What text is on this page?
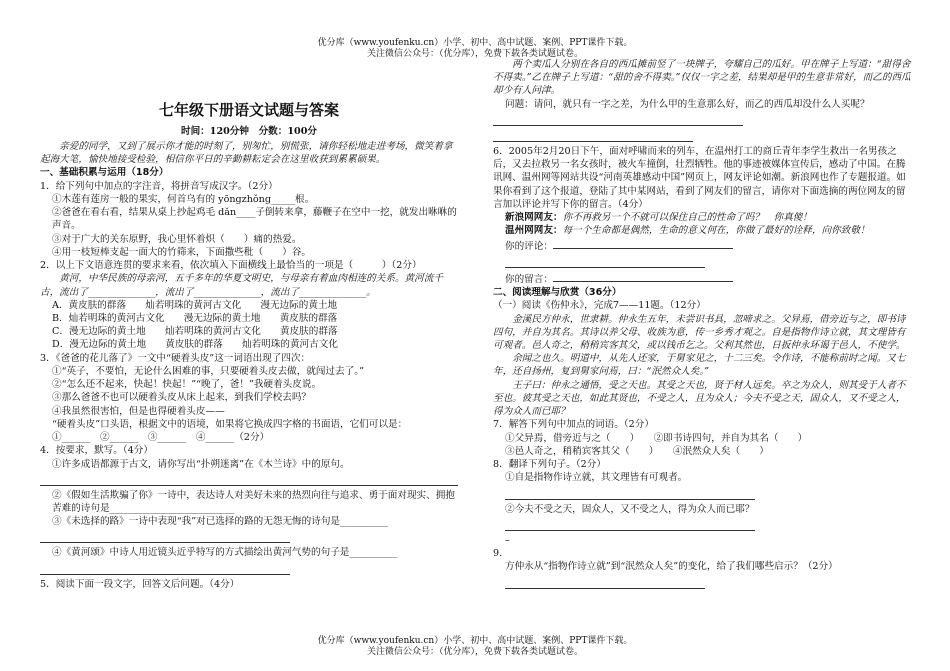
优分库（www.youfenku.cn）小学、初中、高中试题、案例、PPT课件下载。
关注微信公众号：（优分库），免费下载各类试题试卷。
七年级下册语文试题与答案
时间：120分钟　分数：100分

亲爱的同学，又到了展示你才能的时刻了，别匆忙，别慌张，请你轻松地走进考场，微笑着拿起海大笔，愉快地接受检验，相信你平日的辛勤耕耘定会在这里收获到累累硕果。

一、基础积累与运用（18分）

1．给下列句中加点的字注音，将拼音写成汉字。（2分）

①木莲有莲房一般的果实，何首乌有的 yōngzhǒng_____根。

②爸爸在看右看，结果从桌上抄起鸡毛 dǎn____子倒转来拿，藤鞭子在空中一挖，就发出咻咻的声音。

③对于广大的关东原野，我心里怀着炽（　　）痛的热爱。

④用一枝短棒支起一面大的竹筛来，下面撒些秕（　　）谷。

2．以上下文语意连贯的要求来看，依次填入下面横线上最恰当的一项是（　　　）（2分）

黄河，中华民族的母亲河，五千多年的华夏文明史，与母亲有着血肉相连的关系。黄河流千古，流出了______________，流出了______________，流出了______________。

A．黄皮肤的群落　　灿若明珠的黄河古文化　　漫无边际的黄土地

B．灿若明珠的黄河古文化　　漫无边际的黄土地　　黄皮肤的群落

C．漫无边际的黄土地　　灿若明珠的黄河古文化　　黄皮肤的群落

D．漫无边际的黄土地　　黄皮肤的群落　　灿若明珠的黄河古文化

3．《爸爸的花儿落了》一文中“硬着头皮”这一词语出现了四次：

①“英子，不要怕，无论什么困难的事，只要硬着头皮去做，就闯过去了。”

②“怎么还不起来，快起！快起！”“晚了，爸！”我硬着头皮说。

③那么爸爸不也可以硬着头皮从床上起来，到我们学校去吗？

④我虽然很害怕，但是也得硬着头皮——

“硬着头皮”口头语，根据文中的语境，如果将它换成四字格的书面语，它们可以是：

①______　②______　③______　④______（2分）

4．按要求，默写。（4分）

①许多成语都源于古文，请你写出“扑朔迷离”在《木兰诗》中的原句。

②《假如生活欺骗了你》一诗中，表达诗人对美好未来的热烈向往与追求、勇于面对现实、拥抱苦难的诗句是__________________________

③《未选择的路》一诗中表现“我”对已选择的路的无怨无悔的诗句是__________

④《黄河颂》中诗人用近镜头近乎特写的方式描绘出黄河气势的句子是__________

5．阅读下面一段文字，回答文后问题。（4分）

两个卖瓜人分别在各自的西瓜摊前竖了一块牌子，夸耀自己的瓜好。甲在牌子上写道：“甜得舍不得卖。”乙在牌子上写道：“甜的舍不得卖。”仅仅一字之差，结果却是甲的生意非常好，而乙的西瓜却少有人问津。

问题：请问，就只有一字之差，为什么甲的生意那么好，而乙的西瓜却没什么人买呢？

6．2005年2月20日下午，面对呼啸而来的列车，在温州打工的商丘青年李学生救出一名男孩之后，又去拉救另一名女孩时，被火车撞倒，壮烈牺牲。他的事迹被媒体宣传后，感动了中国。在腾讯网、温州网等网站共设“河南英雄感动中国”网页上，网友评论如潮。新浪网也作了专题报道。如果你看到了这个报道，登陆了其中某网站，看到了网友们的留言，请你对下面选摘的两位网友的留言加以评论并写下你的留言。（4分）

新浪网网友：你不再救另一个不就可以保住自己的性命了吗？　你真傻！

温州网网友：每一个生命都是偶然，生命的意义何在，你做了最好的诠释，向你致敬！

你的评论：

你的留言：

二、阅读理解与欣赏（36分）

（一）阅读《伤仲永》，完成7——11题。（12分）

金溪民方仲永，世隶耕。仲永生五年，未尝识书具，忽啼求之。父异焉，借旁近与之，即书诗四句，并自为其名。其诗以养父母、收族为意，传一乡秀才观之。自是指物作诗立就，其文理皆有可观者。邑人奇之，稍稍宾客其父，或以钱币乞之。父利其然也，日扳仲永环谒于邑人，不使学。

余闻之也久。明道中，从先人还家，于舅家见之，十二三矣。令作诗，不能称前时之闻。又七年，还自扬州，复到舅家问焉，曰：“泯然众人矣。”

王子曰：仲永之通悟，受之天也。其受之天也，贤于材人远矣。卒之为众人，则其受于人者不至也。彼其受之天也，如此其贤也，不受之人，且为众人；今夫不受之天，固众人，又不受之人，得为众人而已耶？

7．解答下列句中加点的词语。（2分）

①父异焉，借旁近与之（　　）　　②即书诗四句，并自为其名（　　）

③邑人奇之，稍稍宾客其父（　　）　　④泯然众人矣（　　）

8．翻译下列句子。（2分）

①自是指物作诗立就，其文理皆有可观者。

②今夫不受之天，固众人，又不受之人，得为众人而已耶？

–

9.

方仲永从“指物作诗立就”到“泯然众人矣”的变化，给了我们哪些启示？（2分）

优分库（www.youfenku.cn）小学、初中、高中试题、案例、PPT课件下载。
关注微信公众号：（优分库），免费下载各类试题试卷。
